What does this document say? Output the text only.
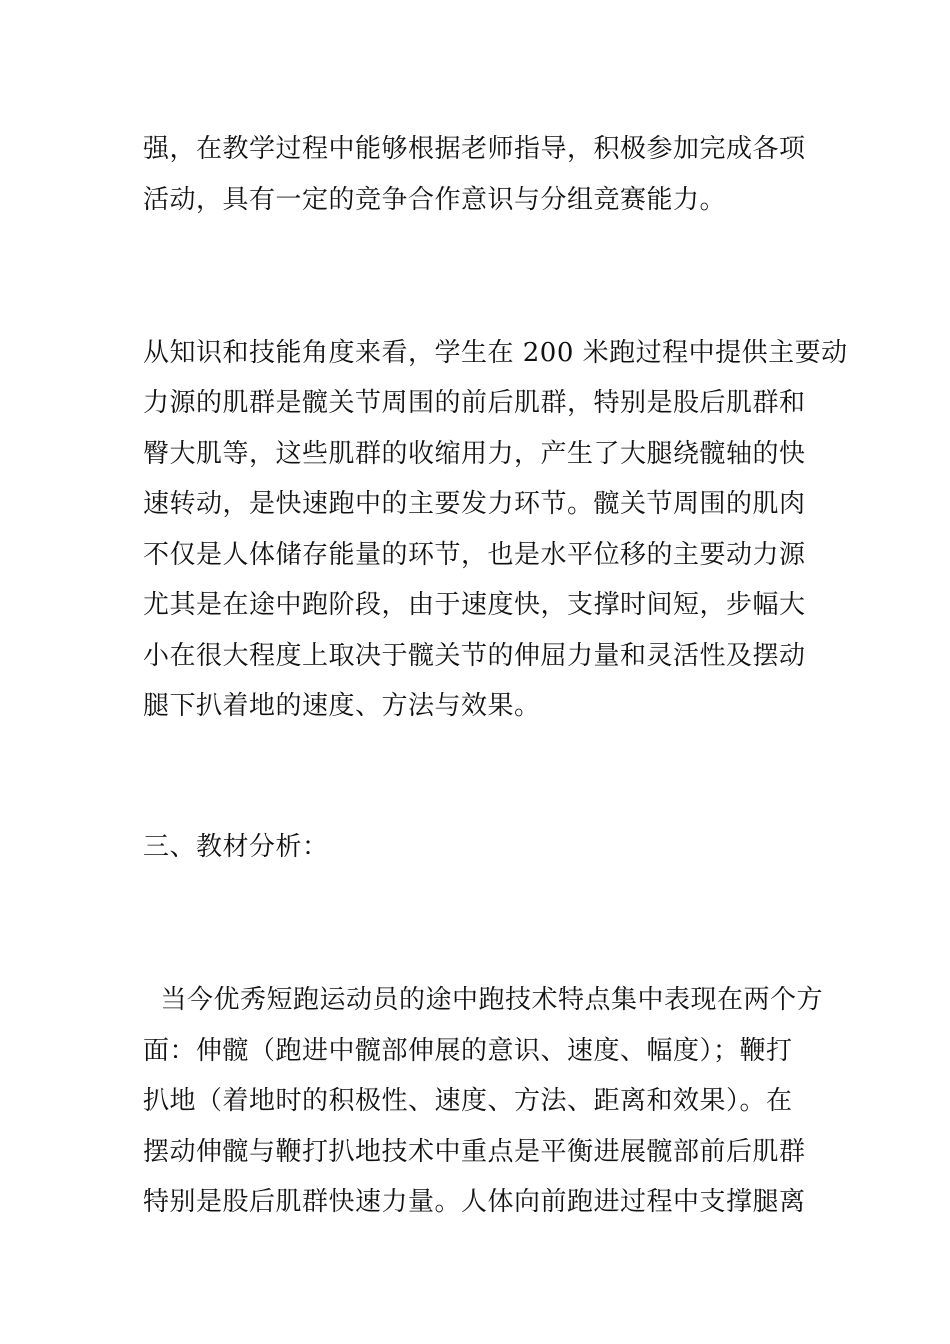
强，在教学过程中能够根据老师指导，积极参加完成各项
活动，具有一定的竞争合作意识与分组竞赛能力。
从知识和技能角度来看，学生在 200 米跑过程中提供主要动
力源的肌群是髋关节周围的前后肌群，特别是股后肌群和
臀大肌等，这些肌群的收缩用力，产生了大腿绕髋轴的快
速转动，是快速跑中的主要发力环节。髋关节周围的肌肉
不仅是人体储存能量的环节，也是水平位移的主要动力源
尤其是在途中跑阶段，由于速度快，支撑时间短，步幅大
小在很大程度上取决于髋关节的伸屈力量和灵活性及摆动
腿下扒着地的速度、方法与效果。
三、教材分析：
当今优秀短跑运动员的途中跑技术特点集中表现在两个方
面：伸髋（跑进中髋部伸展的意识、速度、幅度）；鞭打
扒地（着地时的积极性、速度、方法、距离和效果）。在
摆动伸髋与鞭打扒地技术中重点是平衡进展髋部前后肌群
特别是股后肌群快速力量。人体向前跑进过程中支撑腿离
